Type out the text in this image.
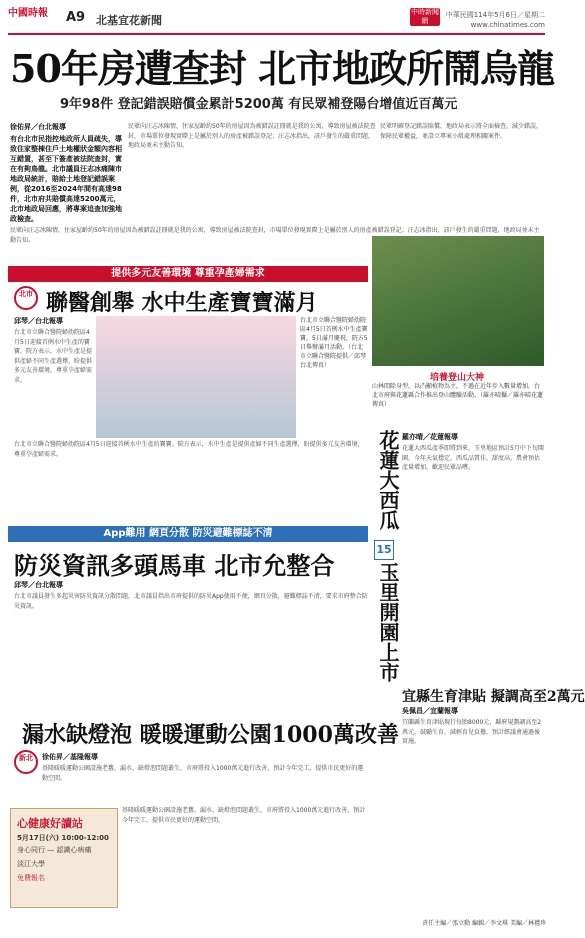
中國時報	A9 北基宜花新聞
中時新聞網
中華民國114年5月6日／星期二
www.chinatimes.com
50年房遭查封 北市地政所鬧烏龍
9年98件 登記錯誤賠償金累計5200萬 有民眾補登陽台增值近百萬元
徐佑昇／台北報導
有台北市民指控地政所人員疏失，導致住家整棟住戶土地權狀金額內容相互錯置，甚至下簽產被法院查封，實在有夠鳥龍。北市議員汪志冰痛陳市地政局統計，賠給土地登記錯誤案例，從2016至2024年間有高達98件，北市府共賠償高達5200萬元，北市地政局回應，將專案追查加強地政檢查。
民眾向汪志冰陳情，住家屋齡約50年的房屋因為被錯誤註冊就是我的公寓，導致房屋被法院查封，市場單位發現實際上是屬於別人的房產被錯誤登記；汪志冰指出，該戶發生的嚴重問題，地政局並未主動告知。
民眾向汪志冰陳情，住家屋齡約50年的房屋因為被錯誤註冊就是我的公寓，導致房屋被法院查封，市場單位發現實際上是屬於別人的房產被錯誤登記；汪志冰指出，該戶發生的嚴重問題，地政局並未主動告知。
民眾明確登記錯誤賠償，地政局表示將全面檢查，減少錯誤，保障民眾權益，並設立專案小組處理相關案件。
提供多元友善環境 尊重孕產婦需求
北市 聯醫創舉 水中生產寶寶滿月
邱琴／台北報導
台北市立聯合醫院婦幼院區4月5日迎接首例水中生產的寶寶。院方表示，水中生產是提供產婦不同生產選擇，盼提供多元友善環境，尊重孕產婦需求。
台北市立聯合醫院婦幼院區4月5日首例水中生產寶寶，5日滿月慶祝，院方5日舉辦滿月活動。（台北市立聯合醫院提供／邱琴台北傳真）
台北市立聯合醫院婦幼院區4月5日迎接首例水中生產的寶寶。院方表示，水中生產是提供產婦不同生產選擇，盼提供多元友善環境，尊重孕產婦需求。
App難用 網頁分散 防災避難標誌不清
防災資訊多頭馬車 北市允整合
邱琴／台北報導
台北市議員發生多起災害防災資訊分散問題，北市議員指出市府提供的防災App使用不便，網頁分散，避難標誌不清，要求市府整合防災資訊。
漏水缺燈泡 暖暖運動公園1000萬改善
新北	徐佑昇／基隆報導
基隆暖暖運動公園設施老舊，漏水、缺燈泡問題叢生，市府將投入1000萬元進行改善，預計今年完工，提供市民更好的運動空間。
基隆暖暖運動公園設施老舊，漏水、缺燈泡問題叢生，市府將投入1000萬元進行改善，預計今年完工，提供市民更好的運動空間。
心健康好讀站
5月17日(六) 10:00-12:00
身心同行 — 認識心病痛
淡江大學
免費報名
培養登山大神
山林間除身型，以凸顯植物為主，不過在近年步入數量增加，台北市府與花蓮縣合作推出登山體驗活動。（羅亦晴攝／羅亦晴花蓮傳真）
花蓮大西瓜
15
玉里開園上市
羅亦晴／花蓮報導
花蓮大西瓜產季即將到來，玉里地區預計5月中下旬開園，今年天氣穩定，西瓜品質佳，甜度高，農會預估產量增加，歡迎民眾品嚐。
宜縣生育津貼 擬調高至2萬元
吳佩昌／宜蘭報導
宜蘭縣生育津貼現行每胎8000元，縣府規劃調高至2萬元，鼓勵生育，減輕育兒負擔，預計經議會通過後實施。
責任主編／張立勳 編輯／李文琪 美編／林禮珍
